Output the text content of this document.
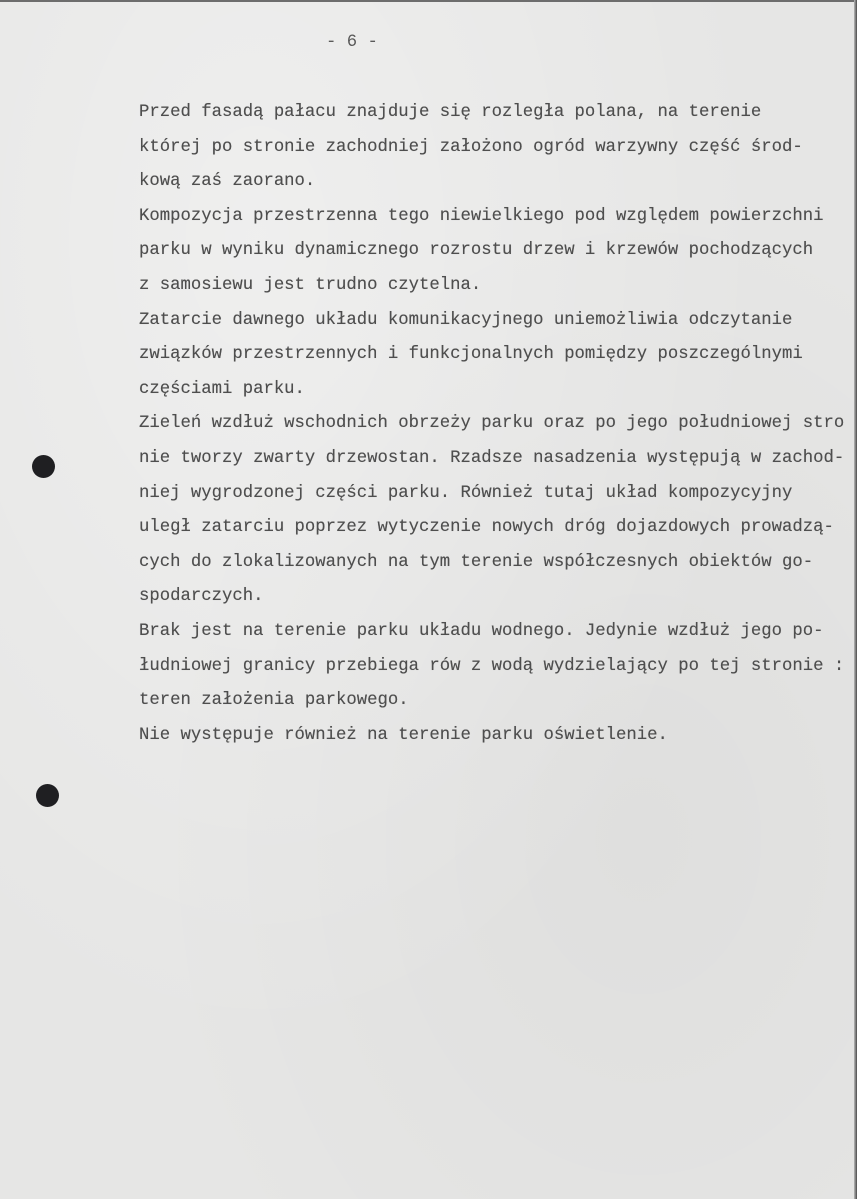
- 6 -
Przed fasadą pałacu znajduje się rozległa polana, na terenie
której po stronie zachodniej założono ogród warzywny część środ-
kową zaś zaorano.
Kompozycja przestrzenna tego niewielkiego pod względem powierzchni
parku w wyniku dynamicznego rozrostu drzew i krzewów pochodzących
z samosiewu jest trudno czytelna.
Zatarcie dawnego układu komunikacyjnego uniemożliwia odczytanie
związków przestrzennych i funkcjonalnych pomiędzy poszczególnymi
częściami parku.
Zieleń wzdłuż wschodnich obrzeży parku oraz po jego południowej stro
nie tworzy zwarty drzewostan. Rzadsze nasadzenia występują w zachod-
niej wygrodzonej części parku. Również tutaj układ kompozycyjny
uległ zatarciu poprzez wytyczenie nowych dróg dojazdowych prowadzą-
cych do zlokalizowanych na tym terenie współczesnych obiektów go-
spodarczych.
Brak jest na terenie parku układu wodnego. Jedynie wzdłuż jego po-
łudniowej granicy przebiega rów z wodą wydzielający po tej stronie :
teren założenia parkowego.
Nie występuje również na terenie parku oświetlenie.
